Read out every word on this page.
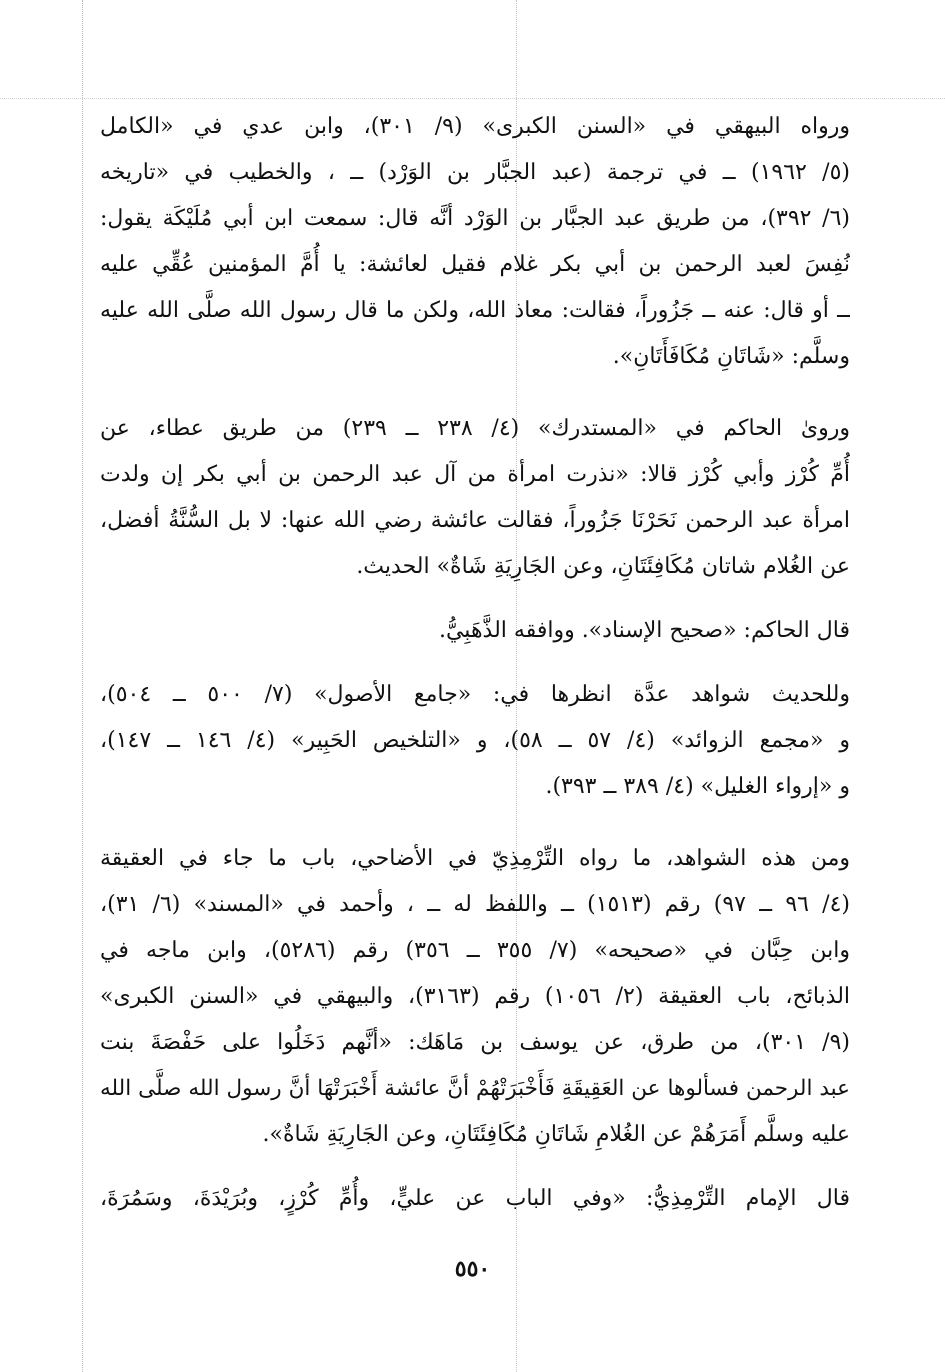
ورواه البيهقي في «السنن الكبرى» (٩/ ٣٠١)، وابن عدي في «الكامل
(٥/ ١٩٦٢) ــ في ترجمة (عبد الجبَّار بن الوَرْد) ــ ، والخطيب في «تاريخه
(٦/ ٣٩٢)، من طريق عبد الجبَّار بن الوَرْد أنَّه قال: سمعت ابن أبي مُلَيْكَة يقول:
نُفِسَ لعبد الرحمن بن أبي بكر غلام فقيل لعائشة: يا أُمَّ المؤمنين عُقِّي عليه
ــ أو قال: عنه ــ جَزُوراً، فقالت: معاذ الله، ولكن ما قال رسول الله صلَّى الله عليه
وسلَّم: «شَاتَانِ مُكَافَأَتَانِ».
وروىٰ الحاكم في «المستدرك» (٤/ ٢٣٨ ــ ٢٣٩) من طريق عطاء، عن
أُمِّ كُرْز وأبي كُرْز قالا: «نذرت امرأة من آل عبد الرحمن بن أبي بكر إن ولدت
امرأة عبد الرحمن نَحَرْنَا جَزُوراً، فقالت عائشة رضي الله عنها: لا بل السُّنَّةُ أفضل،
عن الغُلام شاتان مُكَافِئَتَانِ، وعن الجَارِيَةِ شَاةٌ» الحديث.
قال الحاكم: «صحيح الإسناد». ووافقه الذَّهَبِيُّ.
وللحديث شواهد عدَّة انظرها في: «جامع الأصول» (٧/ ٥٠٠ ــ ٥٠٤)،
و «مجمع الزوائد» (٤/ ٥٧ ــ ٥٨)، و «التلخيص الحَبِير» (٤/ ١٤٦ ــ ١٤٧)،
و «إرواء الغليل» (٤/ ٣٨٩ ــ ٣٩٣).
ومن هذه الشواهد، ما رواه التِّرْمِذِيّ في الأضاحي، باب ما جاء في العقيقة
(٤/ ٩٦ ــ ٩٧) رقم (١٥١٣) ــ واللفظ له ــ ، وأحمد في «المسند» (٦/ ٣١)،
وابن حِبَّان في «صحيحه» (٧/ ٣٥٥ ــ ٣٥٦) رقم (٥٢٨٦)، وابن ماجه في
الذبائح، باب العقيقة (٢/ ١٠٥٦) رقم (٣١٦٣)، والبيهقي في «السنن الكبرى»
(٩/ ٣٠١)، من طرق، عن يوسف بن مَاهَك: «أنَّهم دَخَلُوا على حَفْصَةَ بنت
عبد الرحمن فسألوها عن العَقِيقَةِ فَأَخْبَرَتْهُمْ أنَّ عائشة أَخْبَرَتْهَا أنَّ رسول الله صلَّى الله
عليه وسلَّم أَمَرَهُمْ عن الغُلامِ شَاتَانِ مُكَافِئَتَانِ، وعن الجَارِيَةِ شَاةٌ».
قال الإمام التِّرْمِذِيُّ: «وفي الباب عن عليٍّ، وأُمِّ كُرْزٍ، وبُرَيْدَةَ، وسَمُرَةَ،
٥٥٠
